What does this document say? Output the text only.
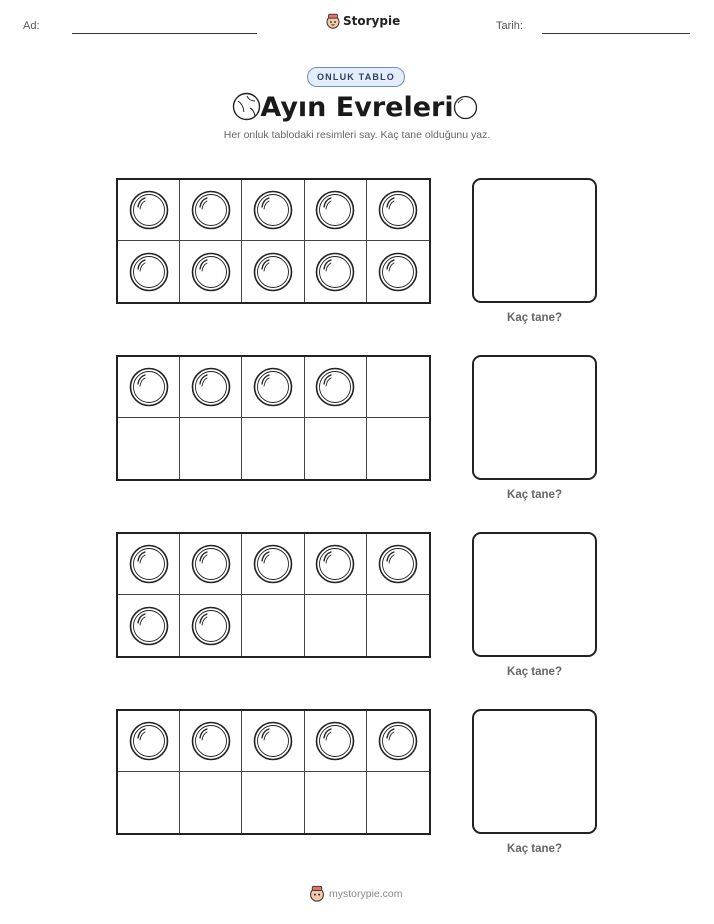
Ad:	Storypie	Tarih:
ONLUK TABLO
Ayın Evreleri
Her onluk tablodaki resimleri say. Kaç tane olduğunu yaz.
Kaç tane?
Kaç tane?
Kaç tane?
Kaç tane?
mystorypie.com
